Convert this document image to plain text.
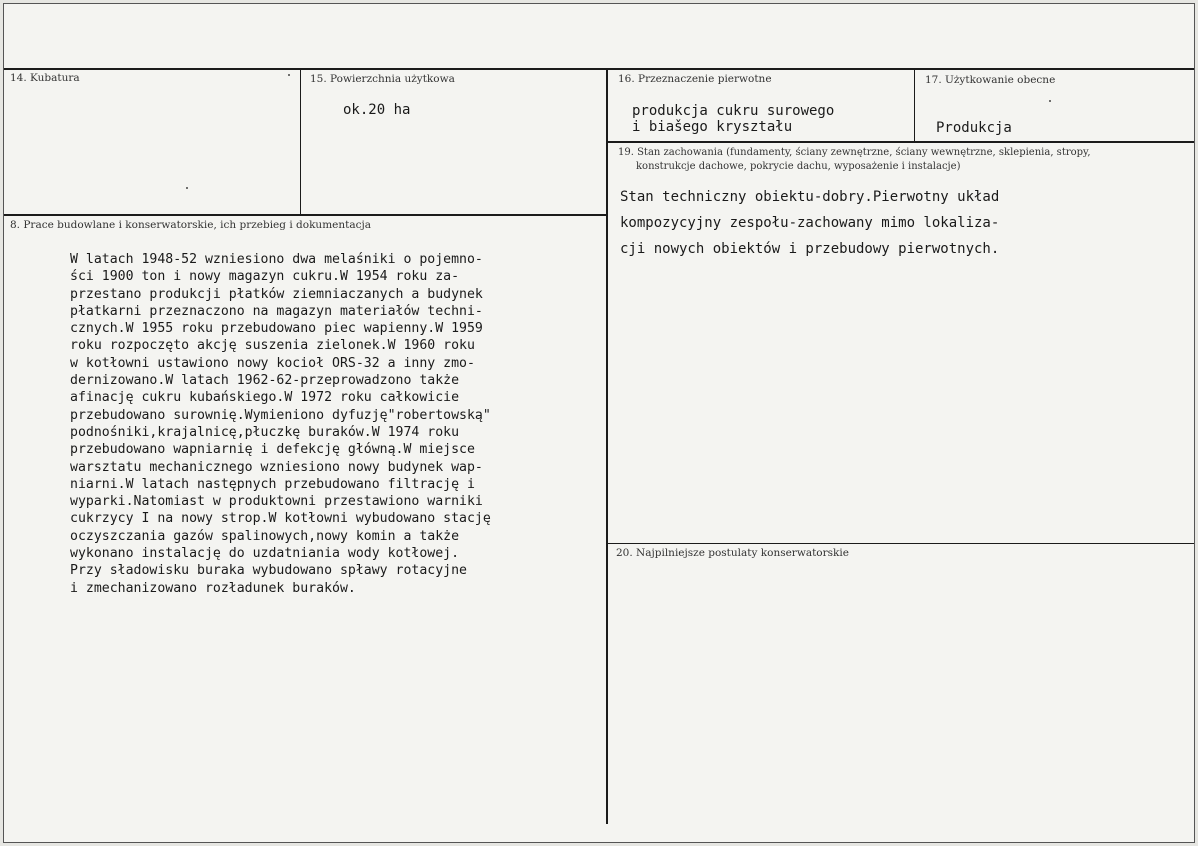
14. Kubatura	15. Powierzchnia użytkowa
ok.20 ha
16. Przeznaczenie pierwotne
produkcja cukru surowego
i biašego kryształu
17. Użytkowanie obecne
Produkcja
19. Stan zachowania (fundamenty, ściany zewnętrzne, ściany wewnętrzne, sklepienia, stropy,
konstrukcje dachowe, pokrycie dachu, wyposażenie i instalacje)
Stan techniczny obiektu-dobry.Pierwotny układ
kompozycyjny zespołu-zachowany mimo lokaliza-
cji nowych obiektów i przebudowy pierwotnych.
20. Najpilniejsze postulaty konserwatorskie
8. Prace budowlane i konserwatorskie, ich przebieg i dokumentacja
W latach 1948-52 wzniesiono dwa melaśniki o pojemno-
ści 1900 ton i nowy magazyn cukru.W 1954 roku za-
przestano produkcji płatków ziemniaczanych a budynek
płatkarni przeznaczono na magazyn materiałów techni-
cznych.W 1955 roku przebudowano piec wapienny.W 1959
roku rozpoczęto akcję suszenia zielonek.W 1960 roku
w kotłowni ustawiono nowy kocioł ORS-32 a inny zmo-
dernizowano.W latach 1962-62-przeprowadzono także
afinację cukru kubańskiego.W 1972 roku całkowicie
przebudowano surownię.Wymieniono dyfuzję"robertowską"
podnośniki,krajalnicę,płuczkę buraków.W 1974 roku
przebudowano wapniarnię i defekcję główną.W miejsce
warsztatu mechanicznego wzniesiono nowy budynek wap-
niarni.W latach następnych przebudowano filtrację i
wyparki.Natomiast w produktowni przestawiono warniki
cukrzycy I na nowy strop.W kotłowni wybudowano stację
oczyszczania gazów spalinowych,nowy komin a także
wykonano instalację do uzdatniania wody kotłowej.
Przy sładowisku buraka wybudowano spławy rotacyjne
i zmechanizowano rozładunek buraków.
